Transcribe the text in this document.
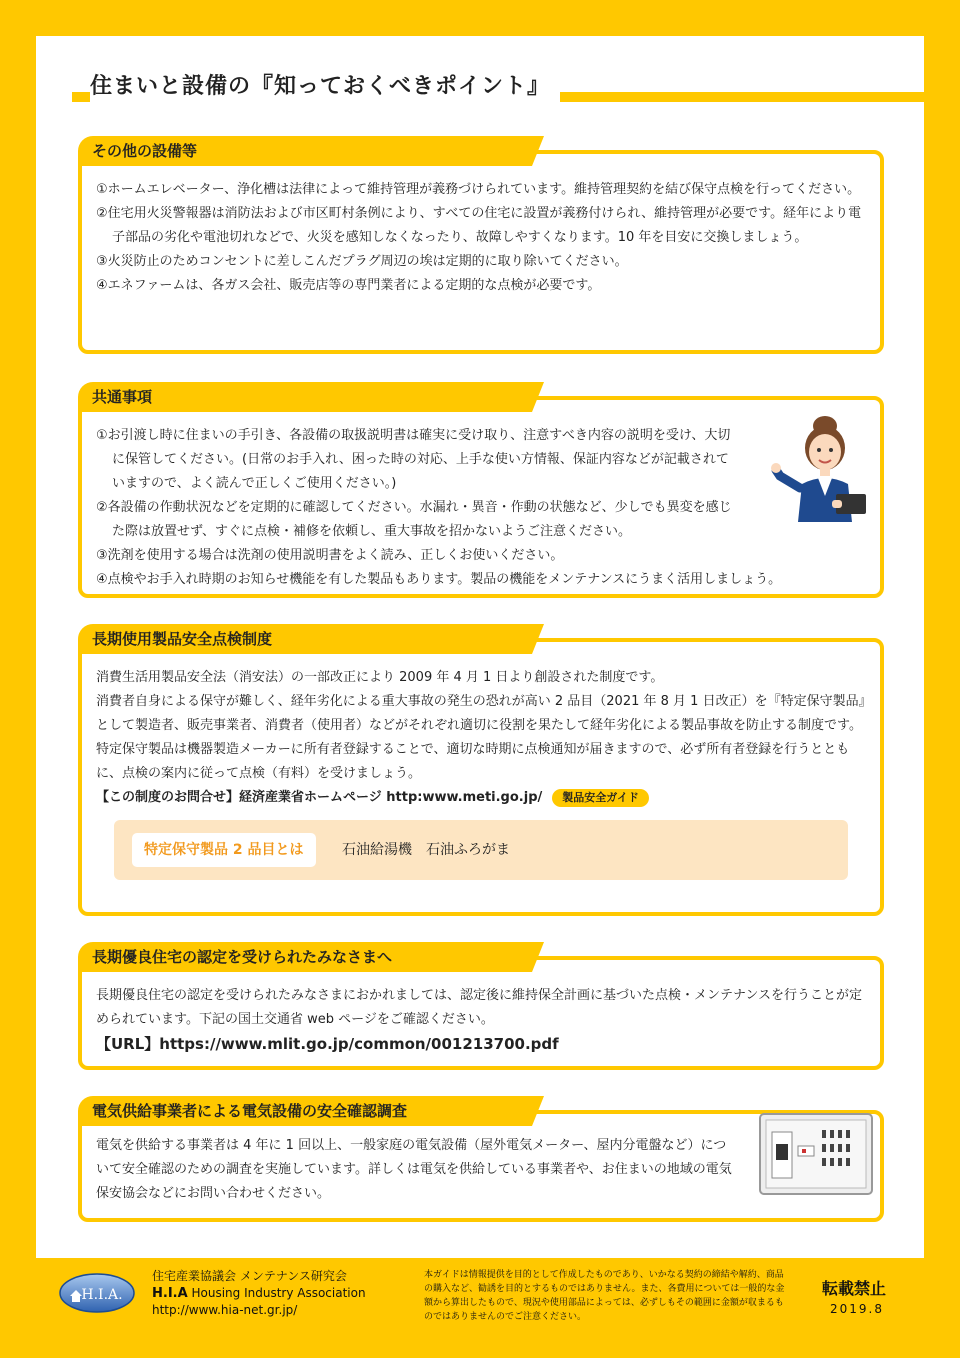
住まいと設備の『知っておくべきポイント』
その他の設備等

①ホームエレベーター、浄化槽は法律によって維持管理が義務づけられています。維持管理契約を結び保守点検を行ってください。

②住宅用火災警報器は消防法および市区町村条例により、すべての住宅に設置が義務付けられ、維持管理が必要です。経年により電子部品の劣化や電池切れなどで、火災を感知しなくなったり、故障しやすくなります。10 年を目安に交換しましょう。

③火災防止のためコンセントに差しこんだプラグ周辺の埃は定期的に取り除いてください。

④エネファームは、各ガス会社、販売店等の専門業者による定期的な点検が必要です。

共通事項

①お引渡し時に住まいの手引き、各設備の取扱説明書は確実に受け取り、注意すべき内容の説明を受け、大切に保管してください。(日常のお手入れ、困った時の対応、上手な使い方情報、保証内容などが記載されていますので、よく読んで正しくご使用ください。)

②各設備の作動状況などを定期的に確認してください。水漏れ・異音・作動の状態など、少しでも異変を感じた際は放置せず、すぐに点検・補修を依頼し、重大事故を招かないようご注意ください。

③洗剤を使用する場合は洗剤の使用説明書をよく読み、正しくお使いください。

④点検やお手入れ時期のお知らせ機能を有した製品もあります。製品の機能をメンテナンスにうまく活用しましょう。

長期使用製品安全点検制度

消費生活用製品安全法（消安法）の一部改正により 2009 年 4 月 1 日より創設された制度です。

消費者自身による保守が難しく、経年劣化による重大事故の発生の恐れが高い 2 品目（2021 年 8 月 1 日改正）を『特定保守製品』として製造者、販売事業者、消費者（使用者）などがそれぞれ適切に役割を果たして経年劣化による製品事故を防止する制度です。

特定保守製品は機器製造メーカーに所有者登録することで、適切な時期に点検通知が届きますので、必ず所有者登録を行うとともに、点検の案内に従って点検（有料）を受けましょう。

【この制度のお問合せ】経済産業省ホームページ http:www.meti.go.jp/ 製品安全ガイド

特定保守製品 2 品目とは	石油給湯機　石油ふろがま
長期優良住宅の認定を受けられたみなさまへ

長期優良住宅の認定を受けられたみなさまにおかれましては、認定後に維持保全計画に基づいた点検・メンテナンスを行うことが定められています。下記の国土交通省 web ページをご確認ください。

【URL】https://www.mlit.go.jp/common/001213700.pdf

電気供給事業者による電気設備の安全確認調査

電気を供給する事業者は 4 年に 1 回以上、一般家庭の電気設備（屋外電気メーター、屋内分電盤など）について安全確認のための調査を実施しています。詳しくは電気を供給している事業者や、お住まいの地域の電気保安協会などにお問い合わせください。

H.I.A.
住宅産業協議会 メンテナンス研究会
H.I.A Housing Industry Association
http://www.hia-net.gr.jp/
本ガイドは情報提供を目的として作成したものであり、いかなる契約の締結や解約、商品の購入など、勧誘を目的とするものではありません。また、各費用については一般的な金額から算出したもので、現況や使用部品によっては、必ずしもその範囲に金額が収まるものではありませんのでご注意ください。
転載禁止
2019.8
